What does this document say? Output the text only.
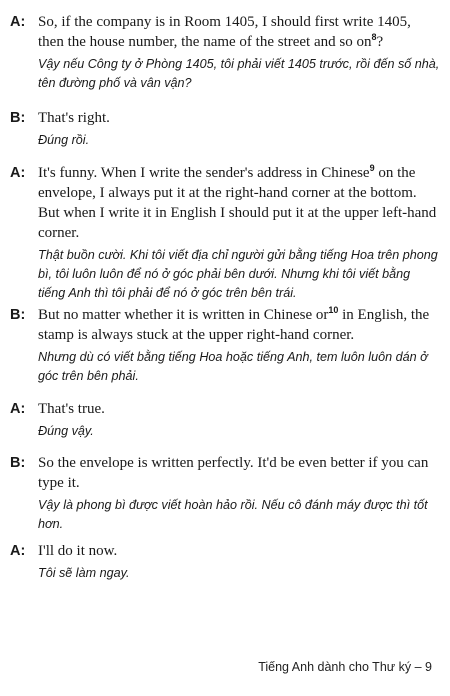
A: So, if the company is in Room 1405, I should first write 1405, then the house number, the name of the street and so $on^8$?
Vậy nếu Công ty ở Phòng 1405, tôi phải viết 1405 trước, rồi đến số nhà, tên đường phố và vân vận?
B: That's right.
Đúng rồi.
A: It's funny. When I write the sender's address in Chinese$^9$ on the envelope, I always put it at the right-hand corner at the bottom. But when I write it in English I should put it at the upper left-hand corner.
Thật buồn cười. Khi tôi viết địa chỉ người gửi bằng tiếng Hoa trên phong bì, tôi luôn luôn để nó ở góc phải bên dưới. Nhưng khi tôi viết bằng tiếng Anh thì tôi phải để nó ở góc trên bên trái.
B: But no matter whether it is written in Chinese $or^{10}$ in English, the stamp is always stuck at the upper right-hand corner.
Nhưng dù có viết bằng tiếng Hoa hoặc tiếng Anh, tem luôn luôn dán ở góc trên bên phải.
A: That's true.
Đúng vậy.
B: So the envelope is written perfectly. It'd be even better if you can type it.
Vậy là phong bì được viết hoàn hảo rồi. Nếu cô đánh máy được thì tốt hơn.
A: I'll do it now.
Tôi sẽ làm ngay.
Tiếng Anh dành cho Thư ký – 9
